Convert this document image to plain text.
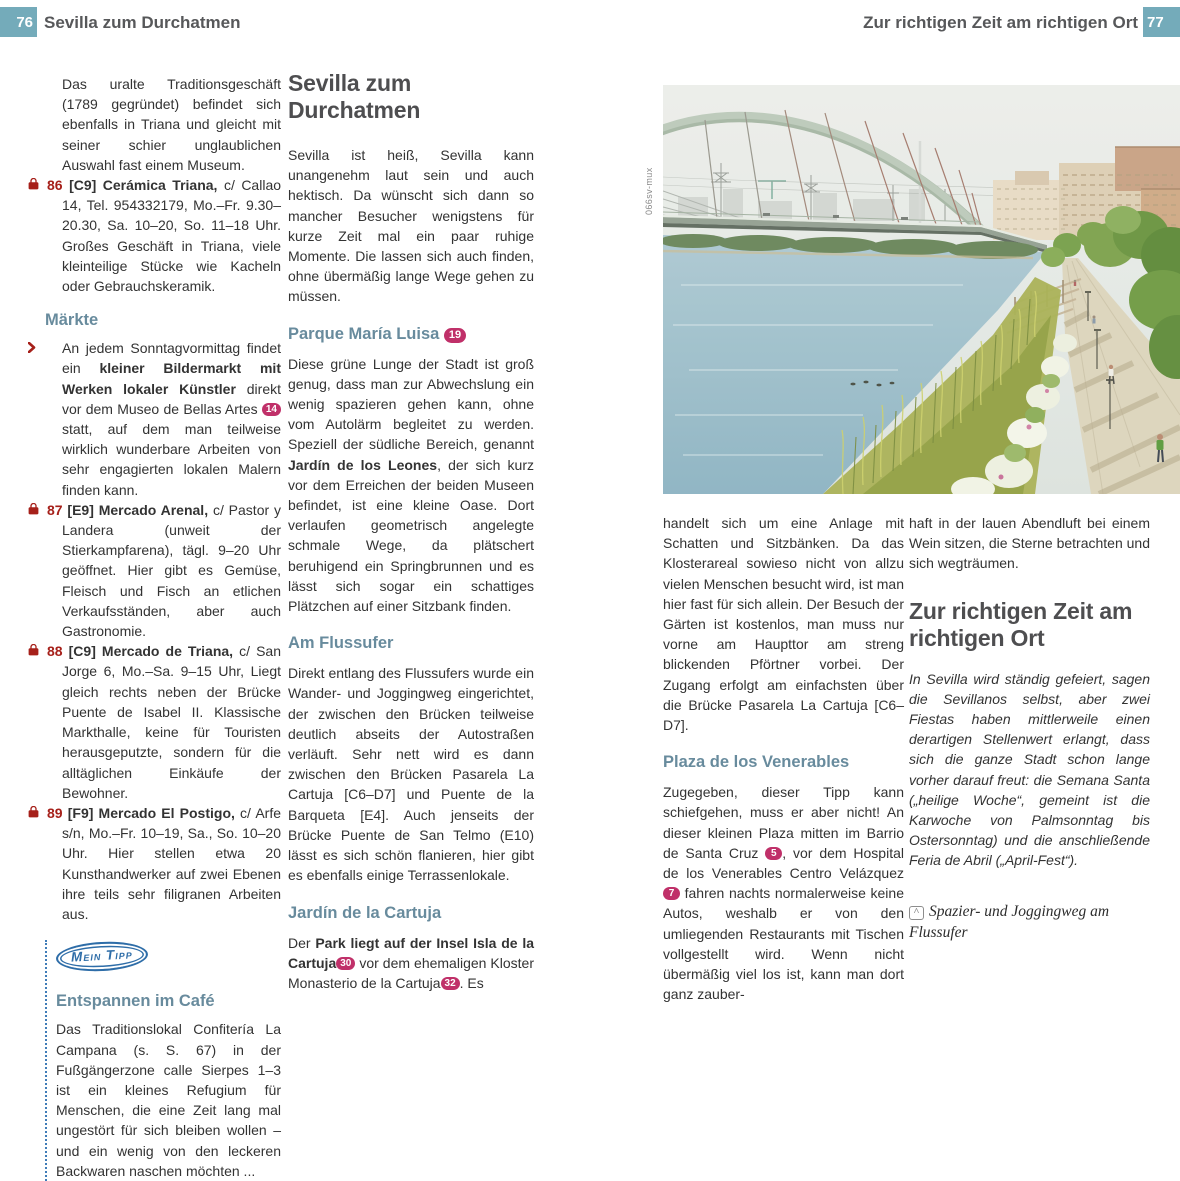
76 Sevilla zum Durchatmen	Zur richtigen Zeit am richtigen Ort 77

Das uralte Traditionsgeschäft (1789 gegründet) befindet sich ebenfalls in Triana und gleicht mit seiner schier unglaublichen Auswahl fast einem Museum.

86 [C9] Cerámica Triana, c/ Callao 14, Tel. 954332179, Mo.–Fr. 9.30–20.30, Sa. 10–20, So. 11–18 Uhr. Großes Geschäft in Triana, viele kleinteilige Stücke wie Kacheln oder Gebrauchskeramik.

Märkte

An jedem Sonntagvormittag findet ein kleiner Bildermarkt mit Werken lokaler Künstler direkt vor dem Museo de Bellas Artes 14 statt, auf dem man teilweise wirklich wunderbare Arbeiten von sehr engagierten lokalen Malern finden kann.

87 [E9] Mercado Arenal, c/ Pastor y Landera (unweit der Stierkampfarena), tägl. 9–20 Uhr geöffnet. Hier gibt es Gemüse, Fleisch und Fisch an etlichen Verkaufsständen, aber auch Gastronomie.

88 [C9] Mercado de Triana, c/ San Jorge 6, Mo.–Sa. 9–15 Uhr, Liegt gleich rechts neben der Brücke Puente de Isabel II. Klassische Markthalle, keine für Touristen herausgeputzte, sondern für die alltäglichen Einkäufe der Bewohner.

89 [F9] Mercado El Postigo, c/ Arfe s/n, Mo.–Fr. 10–19, Sa., So. 10–20 Uhr. Hier stellen etwa 20 Kunsthandwerker auf zwei Ebenen ihre teils sehr filigranen Arbeiten aus.

Mein Tipp
Entspannen im Café

Das Traditionslokal Confitería La Campana (s. S. 67) in der Fußgängerzone calle Sierpes 1–3 ist ein kleines Refugium für Menschen, die eine Zeit lang mal ungestört für sich bleiben wollen – und ein wenig von den leckeren Backwaren naschen möchten ...

Sevilla zum Durchatmen

Sevilla ist heiß, Sevilla kann unangenehm laut sein und auch hektisch. Da wünscht sich dann so mancher Besucher wenigstens für kurze Zeit mal ein paar ruhige Momente. Die lassen sich auch finden, ohne übermäßig lange Wege gehen zu müssen.

Parque María Luisa 19

Diese grüne Lunge der Stadt ist groß genug, dass man zur Abwechslung ein wenig spazieren gehen kann, ohne vom Autolärm begleitet zu werden. Speziell der südliche Bereich, genannt Jardín de los Leones, der sich kurz vor dem Erreichen der beiden Museen befindet, ist eine kleine Oase. Dort verlaufen geometrisch angelegte schmale Wege, da plätschert beruhigend ein Springbrunnen und es lässt sich sogar ein schattiges Plätzchen auf einer Sitzbank finden.

Am Flussufer

Direkt entlang des Flussufers wurde ein Wander- und Joggingweg eingerichtet, der zwischen den Brücken teilweise deutlich abseits der Autostraßen verläuft. Sehr nett wird es dann zwischen den Brücken Pasarela La Cartuja [C6–D7] und Puente de la Barqueta [E4]. Auch jenseits der Brücke Puente de San Telmo (E10) lässt es sich schön flanieren, hier gibt es ebenfalls einige Terrassenlokale.

Jardín de la Cartuja

Der Park liegt auf der Insel Isla de la Cartuja 30 vor dem ehemaligen Kloster Monasterio de la Cartuja 32 . Es

066sv-mux

handelt sich um eine Anlage mit Schatten und Sitzbänken. Da das Klosterareal sowieso nicht von allzu vielen Menschen besucht wird, ist man hier fast für sich allein. Der Besuch der Gärten ist kostenlos, man muss nur vorne am Haupttor am streng blickenden Pförtner vorbei. Der Zugang erfolgt am einfachsten über die Brücke Pasarela La Cartuja [C6–D7].

Plaza de los Venerables

Zugegeben, dieser Tipp kann schiefgehen, muss er aber nicht! An dieser kleinen Plaza mitten im Barrio de Santa Cruz 5 , vor dem Hospital de los Venerables Centro Velázquez 7 fahren nachts normalerweise keine Autos, weshalb er von den umliegenden Restaurants mit Tischen vollgestellt wird. Wenn nicht übermäßig viel los ist, kann man dort ganz zauber-

haft in der lauen Abendluft bei einem Wein sitzen, die Sterne betrachten und sich wegträumen.

Zur richtigen Zeit am richtigen Ort

In Sevilla wird ständig gefeiert, sagen die Sevillanos selbst, aber zwei Fiestas haben mittlerweile einen derartigen Stellenwert erlangt, dass sich die ganze Stadt schon lange vorher darauf freut: die Semana Santa („heilige Woche“, gemeint ist die Karwoche von Palmsonntag bis Ostersonntag) und die anschließende Feria de Abril („April-Fest“).

^ Spazier- und Joggingweg am Flussufer
